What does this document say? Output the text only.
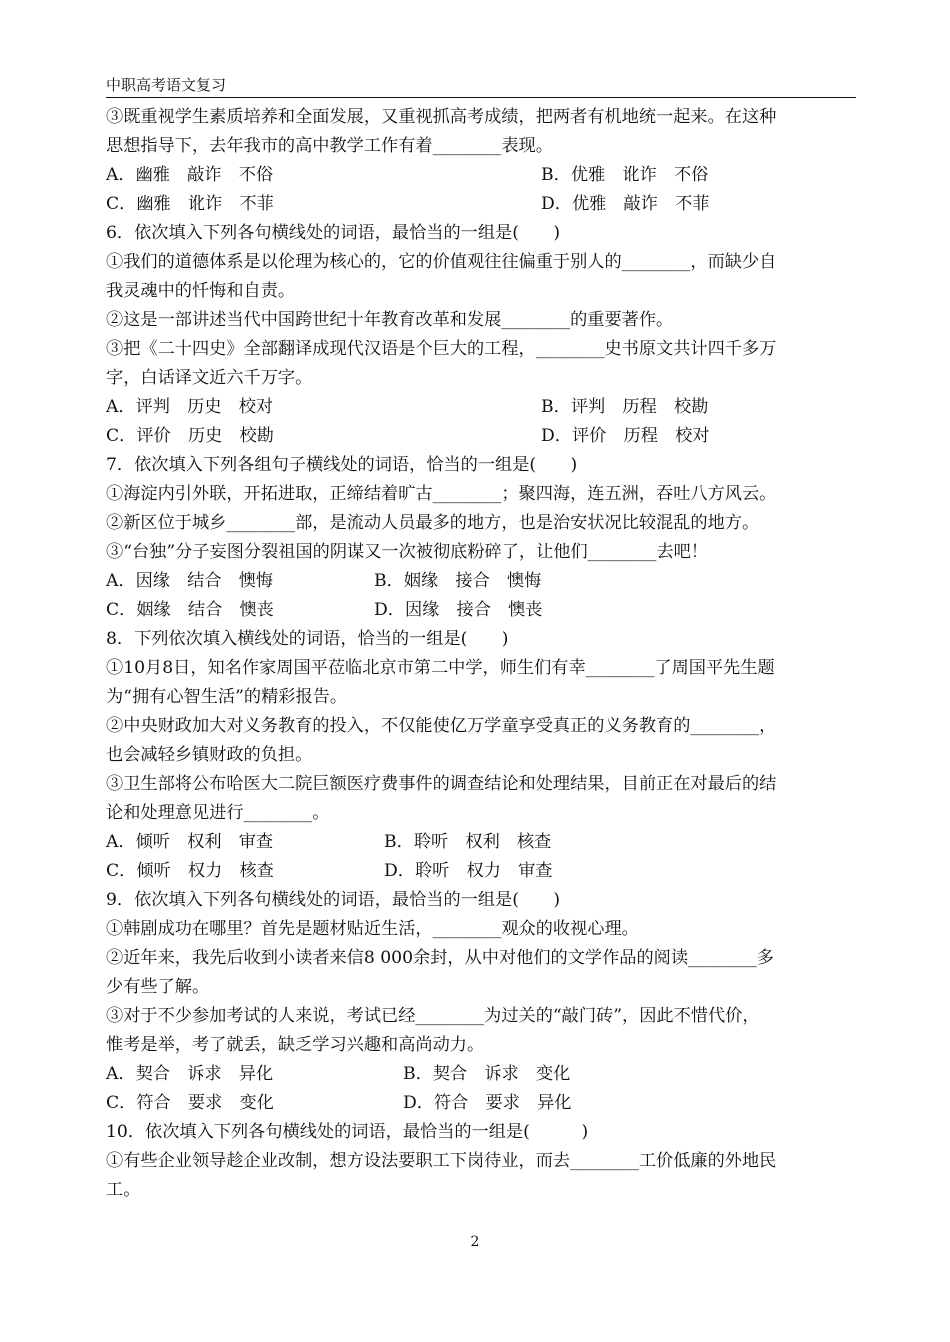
中职高考语文复习
③既重视学生素质培养和全面发展，又重视抓高考成绩，把两者有机地统一起来。在这种
思想指导下，去年我市的高中教学工作有着________表现。
A．幽雅　敲诈　不俗	B．优雅　讹诈　不俗
C．幽雅　讹诈　不菲	D．优雅　敲诈　不菲
6．依次填入下列各句横线处的词语，最恰当的一组是(　　)
①我们的道德体系是以伦理为核心的，它的价值观往往偏重于别人的________，而缺少自
我灵魂中的忏悔和自责。
②这是一部讲述当代中国跨世纪十年教育改革和发展________的重要著作。
③把《二十四史》全部翻译成现代汉语是个巨大的工程，________史书原文共计四千多万
字，白话译文近六千万字。
A．评判　历史　校对	B．评判　历程　校勘
C．评价　历史　校勘	D．评价　历程　校对
7．依次填入下列各组句子横线处的词语，恰当的一组是(　　)
①海淀内引外联，开拓进取，正缔结着旷古________；聚四海，连五洲，吞吐八方风云。
②新区位于城乡________部，是流动人员最多的地方，也是治安状况比较混乱的地方。
③“台独”分子妄图分裂祖国的阴谋又一次被彻底粉碎了，让他们________去吧！
A．因缘　结合　懊悔	B．姻缘　接合　懊悔
C．姻缘　结合　懊丧	D．因缘　接合　懊丧
8．下列依次填入横线处的词语，恰当的一组是(　　)
①10月8日，知名作家周国平莅临北京市第二中学，师生们有幸________了周国平先生题
为“拥有心智生活”的精彩报告。
②中央财政加大对义务教育的投入，不仅能使亿万学童享受真正的义务教育的________，
也会减轻乡镇财政的负担。
③卫生部将公布哈医大二院巨额医疗费事件的调查结论和处理结果，目前正在对最后的结
论和处理意见进行________。
A．倾听　权利　审查	B．聆听　权利　核查
C．倾听　权力　核查	D．聆听　权力　审查
9．依次填入下列各句横线处的词语，最恰当的一组是(　　)
①韩剧成功在哪里？首先是题材贴近生活，________观众的收视心理。
②近年来，我先后收到小读者来信8 000余封，从中对他们的文学作品的阅读________多
少有些了解。
③对于不少参加考试的人来说，考试已经________为过关的“敲门砖”，因此不惜代价，
惟考是举，考了就丢，缺乏学习兴趣和高尚动力。
A．契合　诉求　异化	B．契合　诉求　变化
C．符合　要求　变化	D．符合　要求　异化
10．依次填入下列各句横线处的词语，最恰当的一组是(　　　)
①有些企业领导趁企业改制，想方设法要职工下岗待业，而去________工价低廉的外地民
工。
2
